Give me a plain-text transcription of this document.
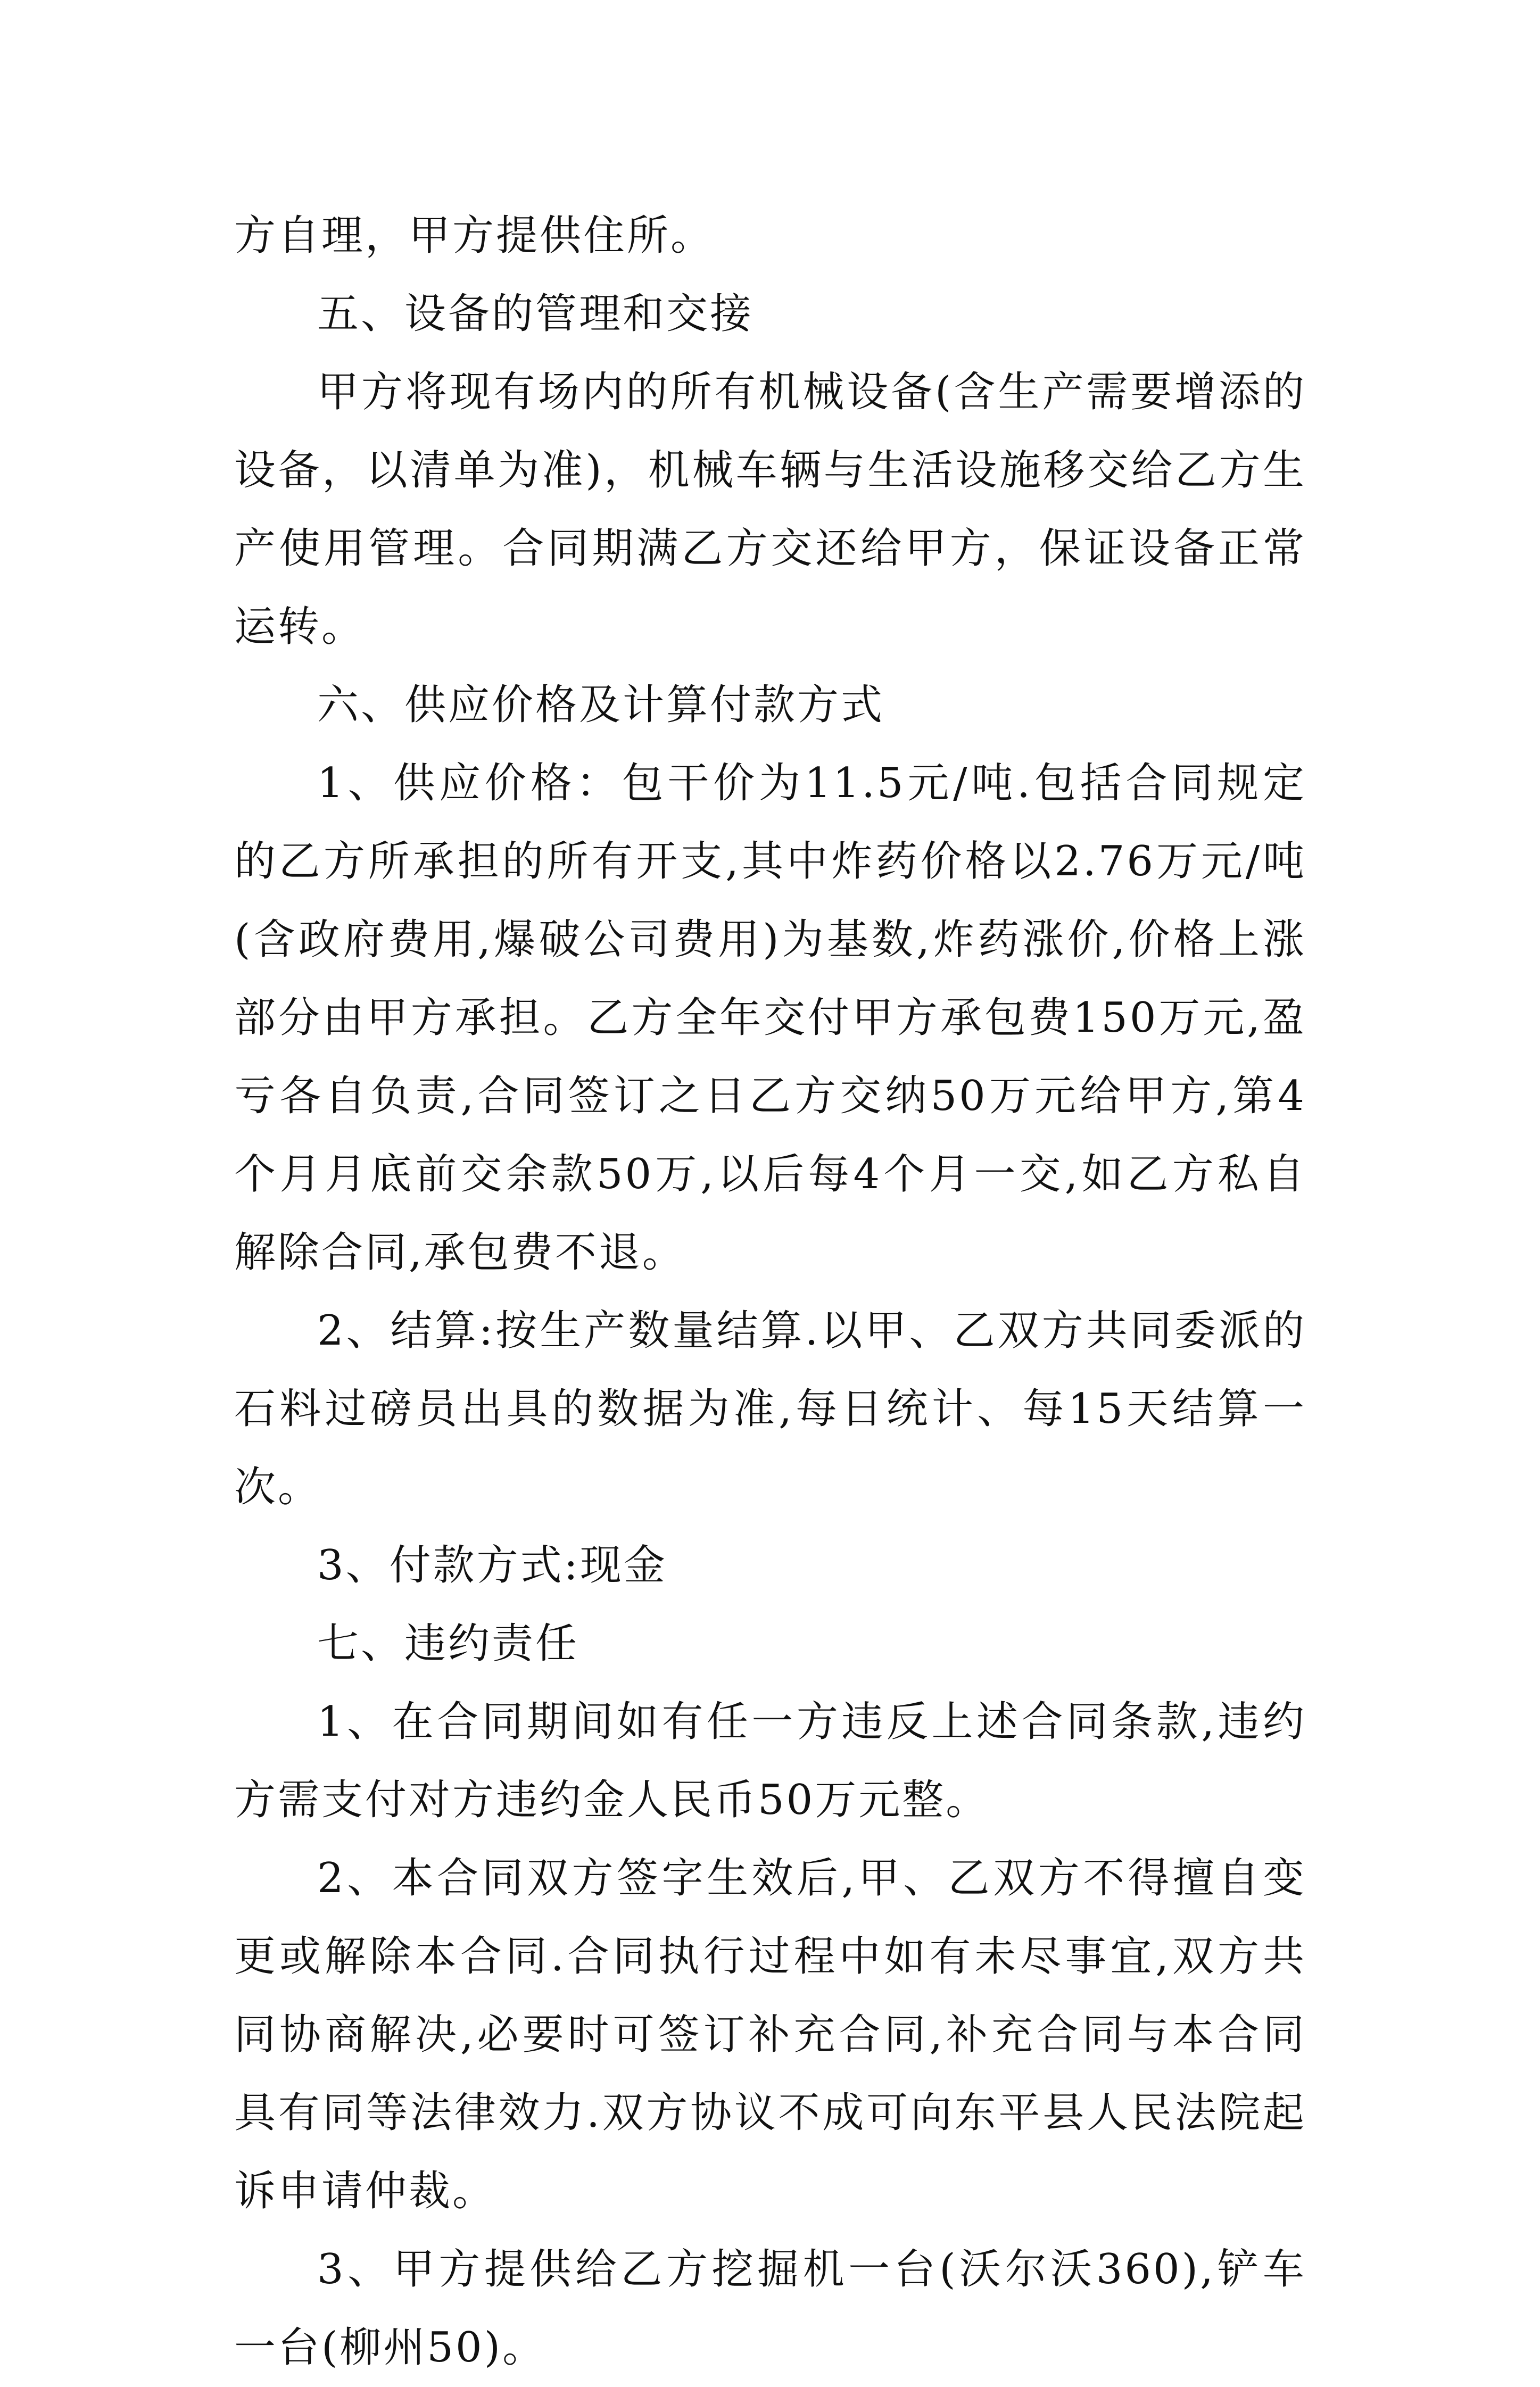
方自理，甲方提供住所。

五、设备的管理和交接

甲方将现有场内的所有机械设备(含生产需要增添的设备，以清单为准)，机械车辆与生活设施移交给乙方生产使用管理。合同期满乙方交还给甲方，保证设备正常运转。

六、供应价格及计算付款方式

1、供应价格：包干价为11.5元/吨.包括合同规定的乙方所承担的所有开支,其中炸药价格以2.76万元/吨(含政府费用,爆破公司费用)为基数,炸药涨价,价格上涨部分由甲方承担。乙方全年交付甲方承包费150万元,盈亏各自负责,合同签订之日乙方交纳50万元给甲方,第4个月月底前交余款50万,以后每4个月一交,如乙方私自解除合同,承包费不退。

2、结算:按生产数量结算.以甲、乙双方共同委派的石料过磅员出具的数据为准,每日统计、每15天结算一次。

3、付款方式:现金

七、违约责任

1、在合同期间如有任一方违反上述合同条款,违约方需支付对方违约金人民币50万元整。

2、本合同双方签字生效后,甲、乙双方不得擅自变更或解除本合同.合同执行过程中如有未尽事宜,双方共同协商解决,必要时可签订补充合同,补充合同与本合同具有同等法律效力.双方协议不成可向东平县人民法院起诉申请仲裁。

3、甲方提供给乙方挖掘机一台(沃尔沃360),铲车一台(柳州50)。
